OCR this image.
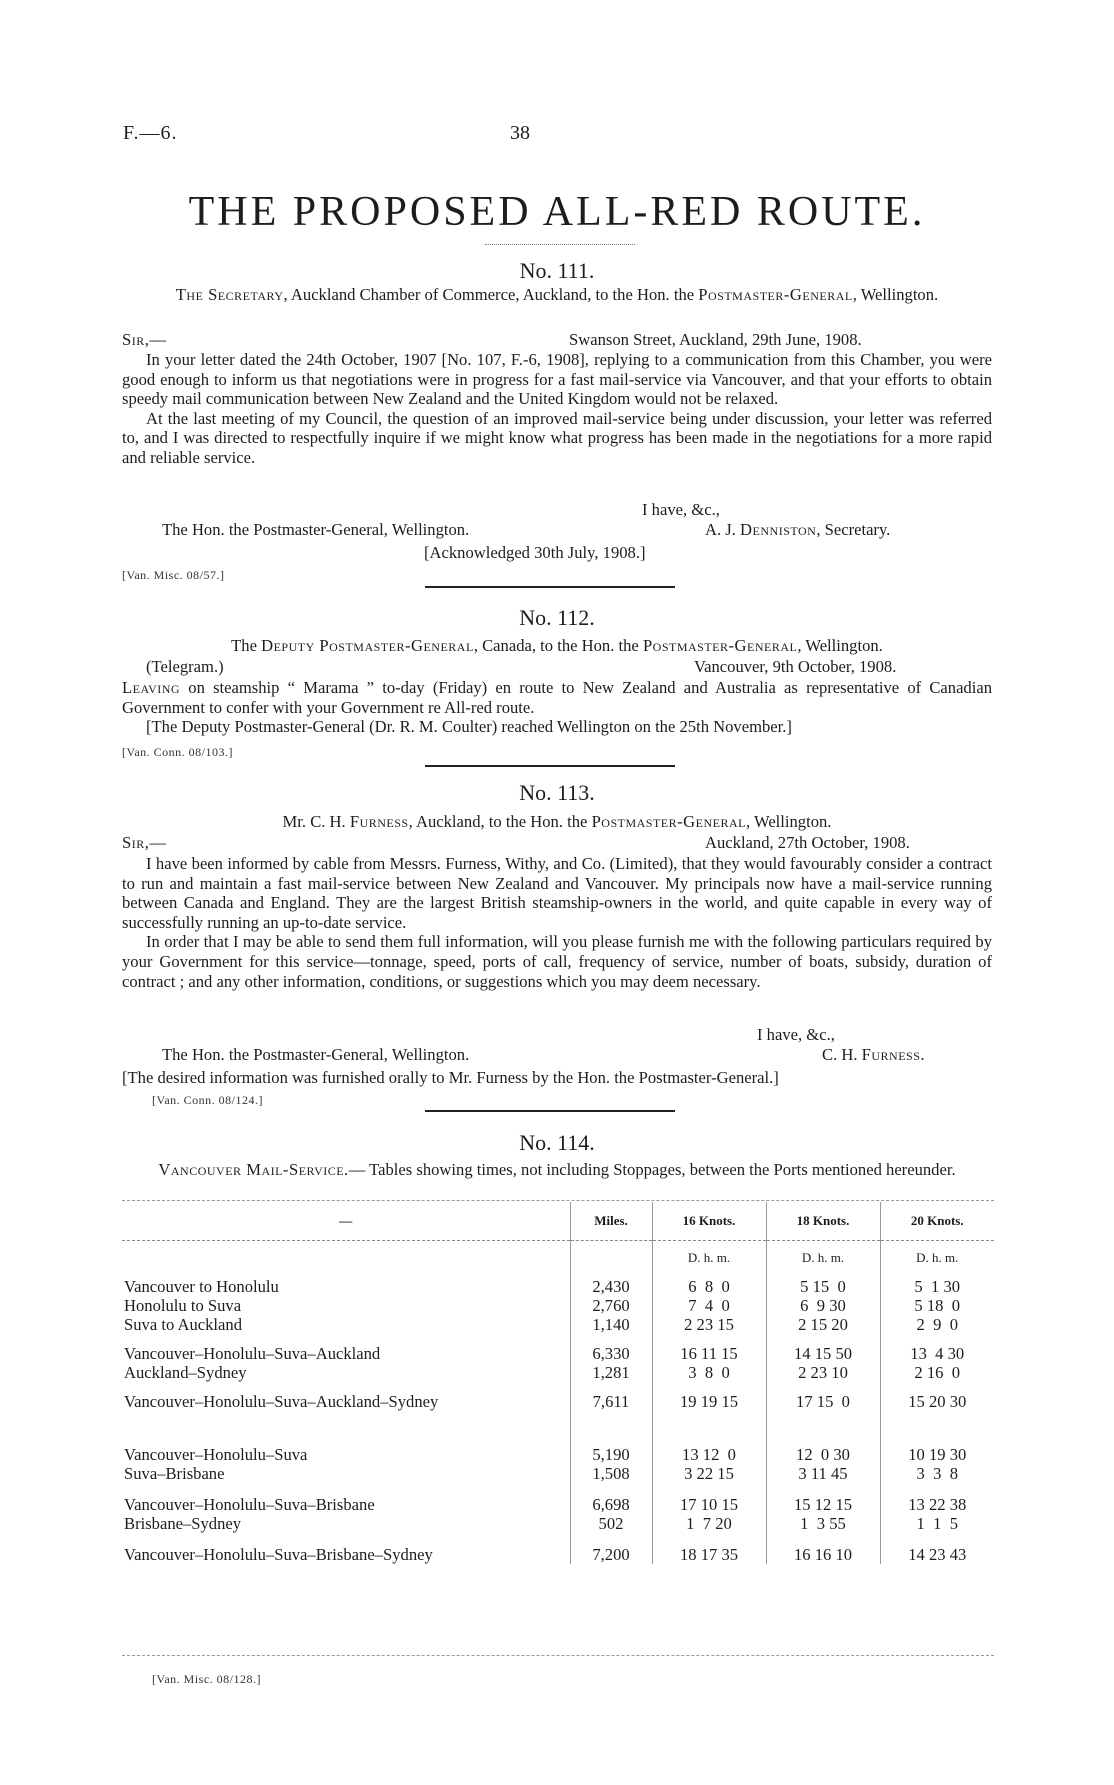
F.—6.	38
THE PROPOSED ALL-RED ROUTE.
No. 111.
The Secretary, Auckland Chamber of Commerce, Auckland, to the Hon. the Postmaster-General, Wellington.
Sir,—	Swanson Street, Auckland, 29th June, 1908.

In your letter dated the 24th October, 1907 [No. 107, F.-6, 1908], replying to a communication from this Chamber, you were good enough to inform us that negotiations were in progress for a fast mail-service via Vancouver, and that your efforts to obtain speedy mail communication between New Zealand and the United Kingdom would not be relaxed.

At the last meeting of my Council, the question of an improved mail-service being under discussion, your letter was referred to, and I was directed to respectfully inquire if we might know what progress has been made in the negotiations for a more rapid and reliable service.

I have, &c.,
The Hon. the Postmaster-General, Wellington.	A. J. Denniston, Secretary.
[Acknowledged 30th July, 1908.]
[Van. Misc. 08/57.]
No. 112.
The Deputy Postmaster-General, Canada, to the Hon. the Postmaster-General, Wellington.
(Telegram.)	Vancouver, 9th October, 1908.

Leaving on steamship “ Marama ” to-day (Friday) en route to New Zealand and Australia as representative of Canadian Government to confer with your Government re All-red route.

[The Deputy Postmaster-General (Dr. R. M. Coulter) reached Wellington on the 25th November.]

[Van. Conn. 08/103.]
No. 113.
Mr. C. H. Furness, Auckland, to the Hon. the Postmaster-General, Wellington.
Sir,—	Auckland, 27th October, 1908.

I have been informed by cable from Messrs. Furness, Withy, and Co. (Limited), that they would favourably consider a contract to run and maintain a fast mail-service between New Zealand and Vancouver. My principals now have a mail-service running between Canada and England. They are the largest British steamship-owners in the world, and quite capable in every way of successfully running an up-to-date service.

In order that I may be able to send them full information, will you please furnish me with the following particulars required by your Government for this service—tonnage, speed, ports of call, frequency of service, number of boats, subsidy, duration of contract ; and any other information, conditions, or suggestions which you may deem necessary.

I have, &c.,
The Hon. the Postmaster-General, Wellington.	C. H. Furness.

[The desired information was furnished orally to Mr. Furness by the Hon. the Postmaster-General.]

[Van. Conn. 08/124.]
No. 114.
Vancouver Mail-Service.— Tables showing times, not including Stoppages, between the Ports mentioned hereunder.
—	Miles.	16 Knots.	18 Knots.	20 Knots.
		D. h. m.	D. h. m.	D. h. m.

Vancouver to Honolulu	2,430	6  8  0	5 15  0	5  1 30
Honolulu to Suva	2,760	7  4  0	6  9 30	5 18  0
Suva to Auckland	1,140	2 23 15	2 15 20	2  9  0

Vancouver–Honolulu–Suva–Auckland	6,330	16 11 15	14 15 50	13  4 30
Auckland–Sydney	1,281	3  8  0	2 23 10	2 16  0

Vancouver–Honolulu–Suva–Auckland–Sydney	7,611	19 19 15	17 15  0	15 20 30

Vancouver–Honolulu–Suva	5,190	13 12  0	12  0 30	10 19 30
Suva–Brisbane	1,508	3 22 15	3 11 45	3  3  8

Vancouver–Honolulu–Suva–Brisbane	6,698	17 10 15	15 12 15	13 22 38
Brisbane–Sydney	502	1  7 20	1  3 55	1  1  5

Vancouver–Honolulu–Suva–Brisbane–Sydney	7,200	18 17 35	16 16 10	14 23 43
[Van. Misc. 08/128.]
